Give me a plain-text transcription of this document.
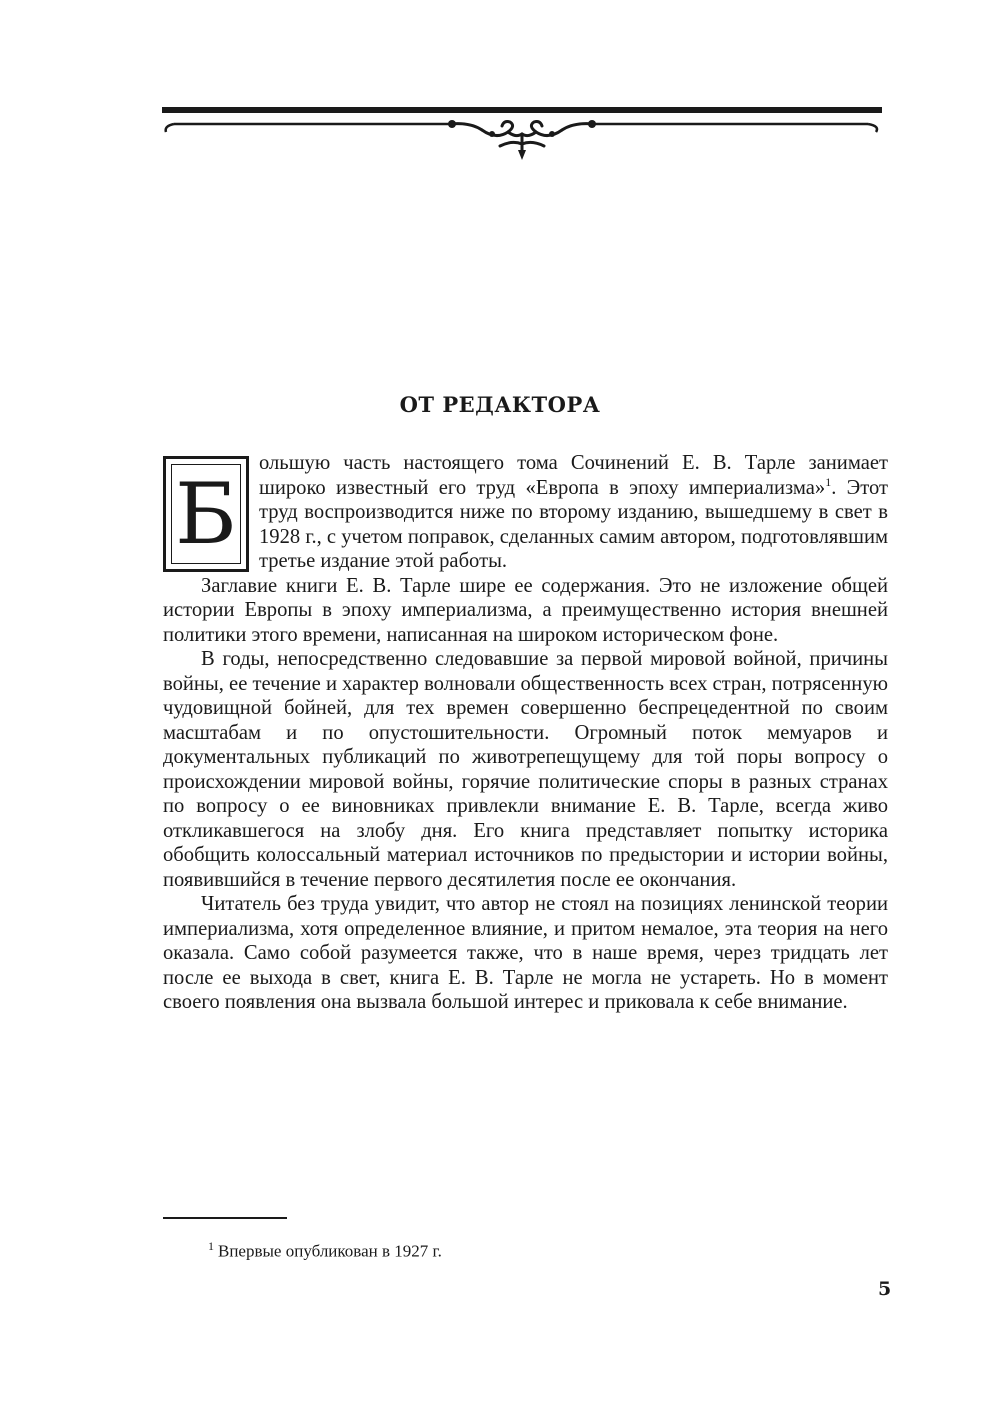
ОТ РЕДАКТОРА

Б
ольшую часть настоящего тома Сочинений Е. В. Тарле занимает широко известный его труд «Европа в эпоху империализма»$^1$. Этот труд воспроизводится ниже по второму изданию, вышедшему в свет в 1928 г., с учетом поправок, сделанных самим автором, подготовлявшим третье издание этой работы.

Заглавие книги Е. В. Тарле шире ее содержания. Это не изложение общей истории Европы в эпоху империализма, а преимущественно история внешней политики этого времени, написанная на широком историческом фоне.

В годы, непосредственно следовавшие за первой мировой войной, причины войны, ее течение и характер волновали общественность всех стран, потрясенную чудовищной бойней, для тех времен совершенно беспрецедентной по своим масштабам и по опустошительности. Огромный поток мемуаров и документальных публикаций по животрепещущему для той поры вопросу о происхождении мировой войны, горячие политические споры в разных странах по вопросу о ее виновниках привлекли внимание Е. В. Тарле, всегда живо откликавшегося на злобу дня. Его книга представляет попытку историка обобщить колоссальный материал источников по предыстории и истории войны, появившийся в течение первого десятилетия после ее окончания.

Читатель без труда увидит, что автор не стоял на позициях ленинской теории империализма, хотя определенное влияние, и притом немалое, эта теория на него оказала. Само собой разумеется также, что в наше время, через тридцать лет после ее выхода в свет, книга Е. В. Тарле не могла не устареть. Но в момент своего появления она вызвала большой интерес и приковала к себе внимание.

$^1$ Впервые опубликован в 1927 г.
5
